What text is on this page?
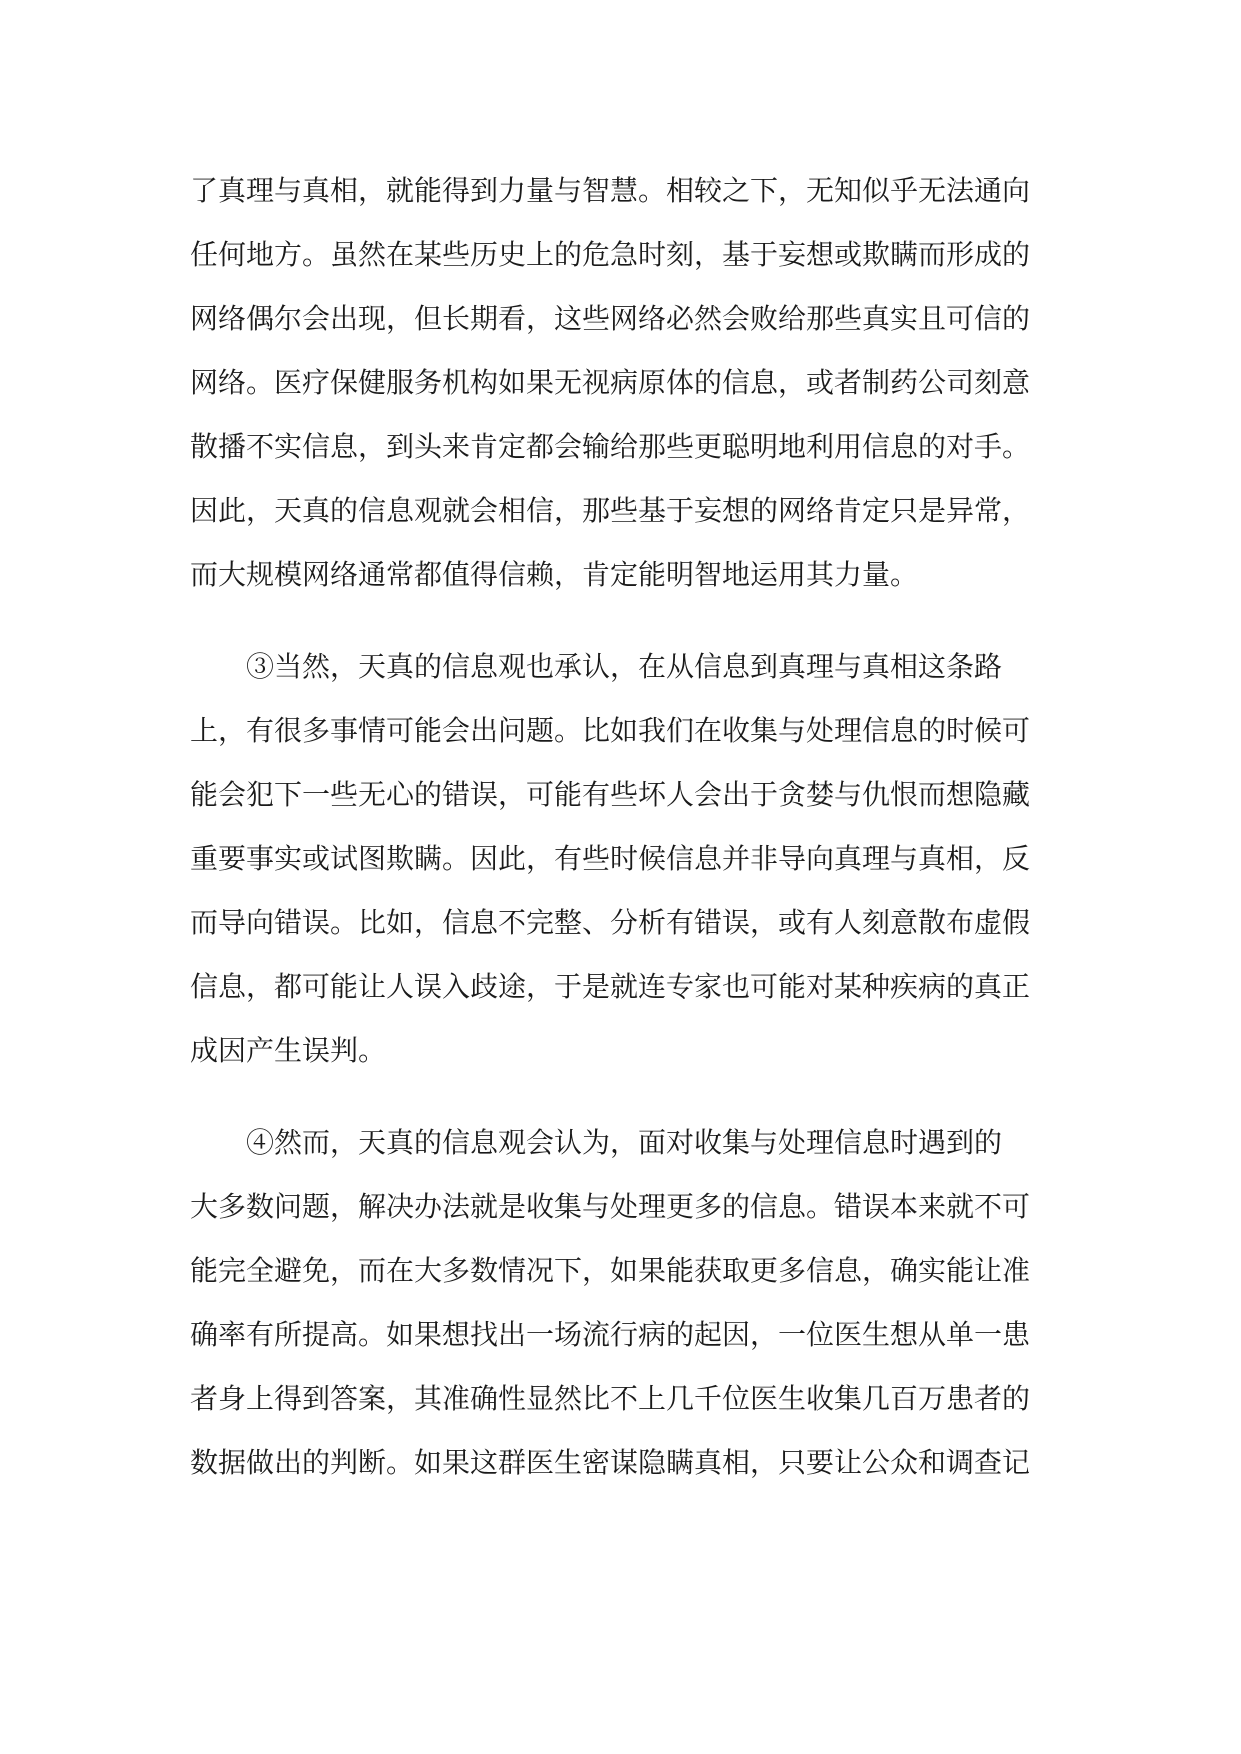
了真理与真相，就能得到力量与智慧。相较之下，无知似乎无法通向
任何地方。虽然在某些历史上的危急时刻，基于妄想或欺瞒而形成的
网络偶尔会出现，但长期看，这些网络必然会败给那些真实且可信的
网络。医疗保健服务机构如果无视病原体的信息，或者制药公司刻意
散播不实信息，到头来肯定都会输给那些更聪明地利用信息的对手。
因此，天真的信息观就会相信，那些基于妄想的网络肯定只是异常，
而大规模网络通常都值得信赖，肯定能明智地运用其力量。
③当然，天真的信息观也承认，在从信息到真理与真相这条路
上，有很多事情可能会出问题。比如我们在收集与处理信息的时候可
能会犯下一些无心的错误，可能有些坏人会出于贪婪与仇恨而想隐藏
重要事实或试图欺瞒。因此，有些时候信息并非导向真理与真相，反
而导向错误。比如，信息不完整、分析有错误，或有人刻意散布虚假
信息，都可能让人误入歧途，于是就连专家也可能对某种疾病的真正
成因产生误判。
④然而，天真的信息观会认为，面对收集与处理信息时遇到的
大多数问题，解决办法就是收集与处理更多的信息。错误本来就不可
能完全避免，而在大多数情况下，如果能获取更多信息，确实能让准
确率有所提高。如果想找出一场流行病的起因，一位医生想从单一患
者身上得到答案，其准确性显然比不上几千位医生收集几百万患者的
数据做出的判断。如果这群医生密谋隐瞒真相，只要让公众和调查记
